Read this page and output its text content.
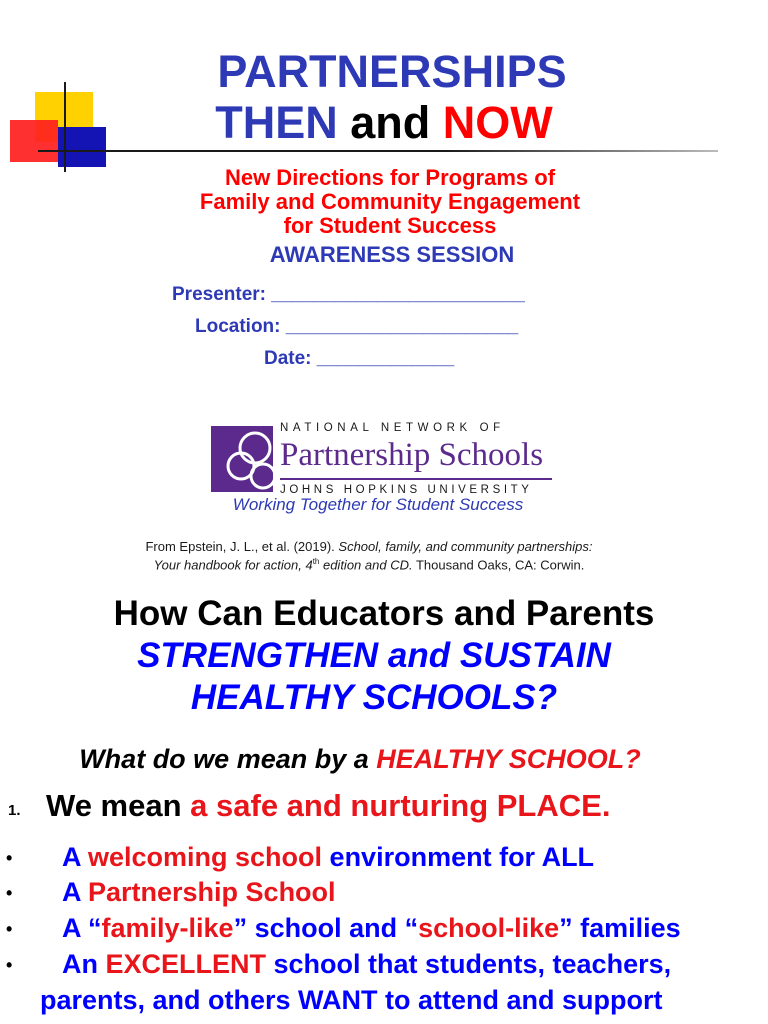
PARTNERSHIPS
THEN and NOW
New Directions for Programs of
Family and Community Engagement
for Student Success
AWARENESS SESSION
Presenter: ________________________
Location: ______________________
Date: _____________
NATIONAL NETWORK OF
Partnership Schools
JOHNS HOPKINS UNIVERSITY
Working Together for Student Success
From Epstein, J. L., et al. (2019). School, family, and community partnerships:
Your handbook for action, 4th edition and CD. Thousand Oaks, CA: Corwin.
How Can Educators and Parents
STRENGTHEN and SUSTAIN
HEALTHY SCHOOLS?
What do we mean by a HEALTHY SCHOOL?
1. We mean a safe and nurturing PLACE.
• A welcoming school environment for ALL
• A Partnership School
• A “family-like” school and “school-like” families
• An EXCELLENT school that students, teachers,
parents, and others WANT to attend and support
